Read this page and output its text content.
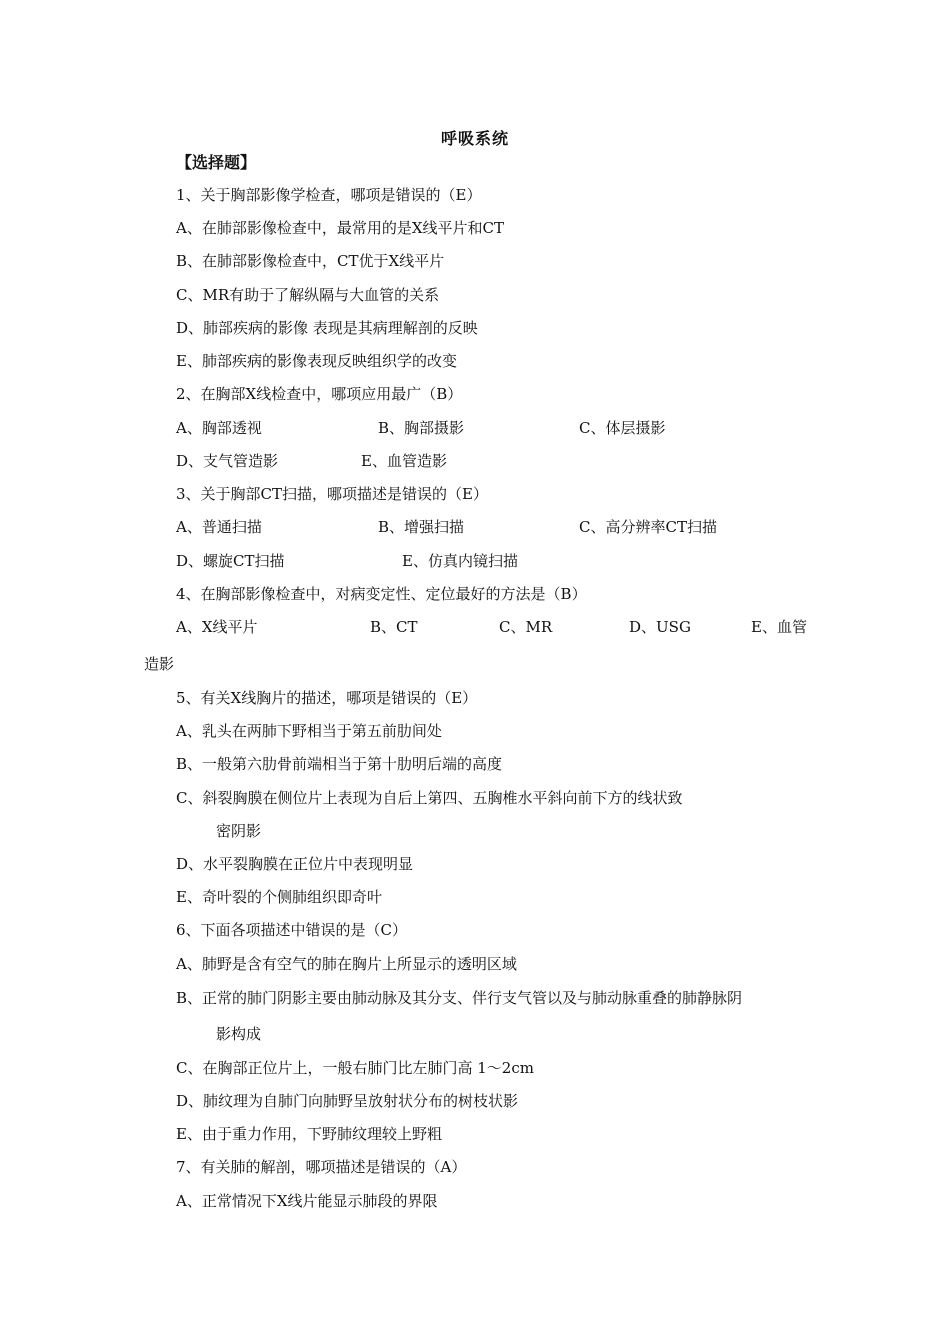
呼吸系统
【选择题】
1、关于胸部影像学检查，哪项是错误的（E）
A、在肺部影像检查中，最常用的是X线平片和CT
B、在肺部影像检查中，CT优于X线平片
C、MR有助于了解纵隔与大血管的关系
D、肺部疾病的影像 表现是其病理解剖的反映
E、肺部疾病的影像表现反映组织学的改变
2、在胸部X线检查中，哪项应用最广（B）
A、胸部透视	B、胸部摄影	C、体层摄影
D、支气管造影	E、血管造影
3、关于胸部CT扫描，哪项描述是错误的（E）
A、普通扫描	B、增强扫描	C、高分辨率CT扫描
D、螺旋CT扫描	E、仿真内镜扫描
4、在胸部影像检查中，对病变定性、定位最好的方法是（B）
A、X线平片	B、CT	C、MR	D、USG	E、血管
造影
5、有关X线胸片的描述，哪项是错误的（E）
A、乳头在两肺下野相当于第五前肋间处
B、一般第六肋骨前端相当于第十肋明后端的高度
C、斜裂胸膜在侧位片上表现为自后上第四、五胸椎水平斜向前下方的线状致
密阴影
D、水平裂胸膜在正位片中表现明显
E、奇叶裂的个侧肺组织即奇叶
6、下面各项描述中错误的是（C）
A、肺野是含有空气的肺在胸片上所显示的透明区域
B、正常的肺门阴影主要由肺动脉及其分支、伴行支气管以及与肺动脉重叠的肺静脉阴
影构成
C、在胸部正位片上，一般右肺门比左肺门高 1～2cm
D、肺纹理为自肺门向肺野呈放射状分布的树枝状影
E、由于重力作用，下野肺纹理较上野粗
7、有关肺的解剖，哪项描述是错误的（A）
A、正常情况下X线片能显示肺段的界限
